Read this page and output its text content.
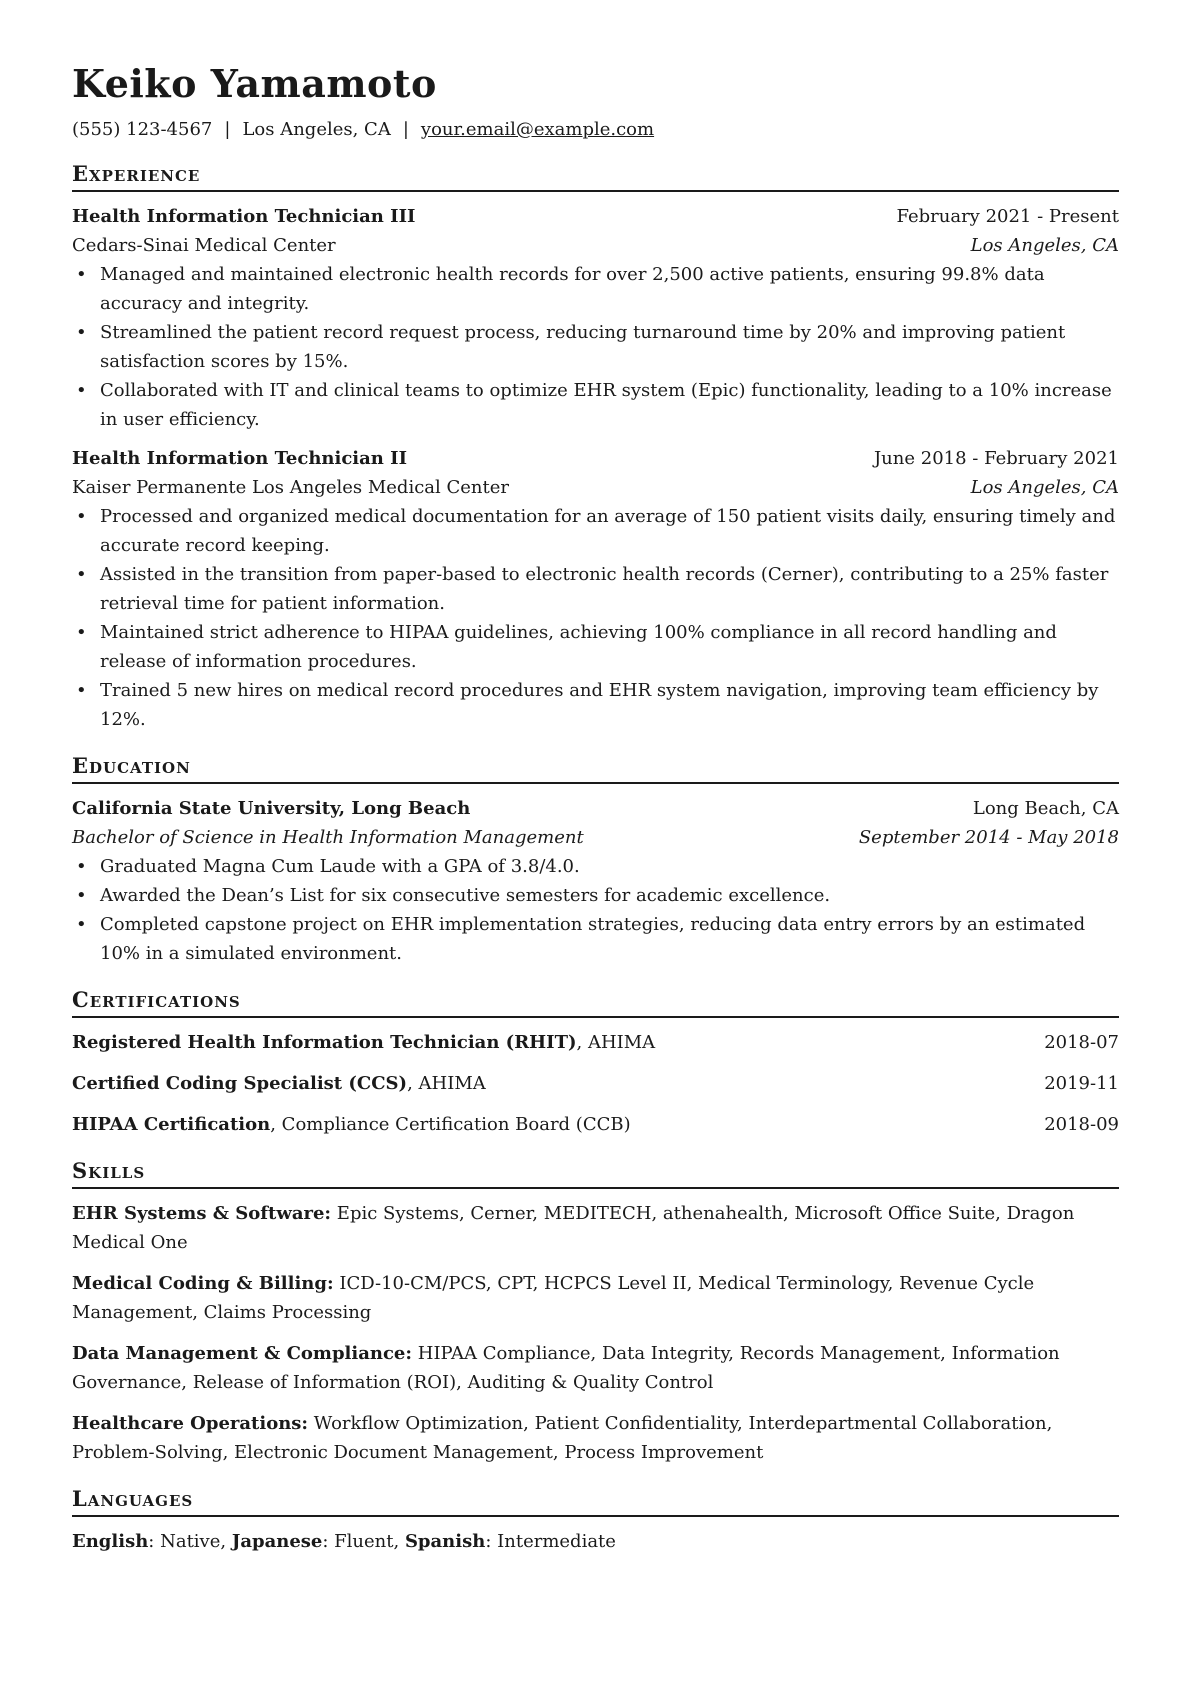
Keiko Yamamoto
(555) 123-4567 | Los Angeles, CA | your.email@example.com
Experience
Health Information Technician III	February 2021 - Present
Cedars-Sinai Medical Center	Los Angeles, CA
• Managed and maintained electronic health records for over 2,500 active patients, ensuring 99.8% data accuracy and integrity.
• Streamlined the patient record request process, reducing turnaround time by 20% and improving patient satisfaction scores by 15%.
• Collaborated with IT and clinical teams to optimize EHR system (Epic) functionality, leading to a 10% increase in user efficiency.
Health Information Technician II	June 2018 - February 2021
Kaiser Permanente Los Angeles Medical Center	Los Angeles, CA
• Processed and organized medical documentation for an average of 150 patient visits daily, ensuring timely and accurate record keeping.
• Assisted in the transition from paper-based to electronic health records (Cerner), contributing to a 25% faster retrieval time for patient information.
• Maintained strict adherence to HIPAA guidelines, achieving 100% compliance in all record handling and release of information procedures.
• Trained 5 new hires on medical record procedures and EHR system navigation, improving team efficiency by 12%.
Education
California State University, Long Beach	Long Beach, CA
Bachelor of Science in Health Information Management	September 2014 - May 2018
• Graduated Magna Cum Laude with a GPA of 3.8/4.0.
• Awarded the Dean’s List for six consecutive semesters for academic excellence.
• Completed capstone project on EHR implementation strategies, reducing data entry errors by an estimated 10% in a simulated environment.
Certifications
Registered Health Information Technician (RHIT), AHIMA	2018-07
Certified Coding Specialist (CCS), AHIMA	2019-11
HIPAA Certification, Compliance Certification Board (CCB)	2018-09
Skills
EHR Systems & Software: Epic Systems, Cerner, MEDITECH, athenahealth, Microsoft Office Suite, Dragon Medical One
Medical Coding & Billing: ICD-10-CM/PCS, CPT, HCPCS Level II, Medical Terminology, Revenue Cycle Management, Claims Processing
Data Management & Compliance: HIPAA Compliance, Data Integrity, Records Management, Information Governance, Release of Information (ROI), Auditing & Quality Control
Healthcare Operations: Workflow Optimization, Patient Confidentiality, Interdepartmental Collaboration, Problem-Solving, Electronic Document Management, Process Improvement
Languages
English: Native, Japanese: Fluent, Spanish: Intermediate
